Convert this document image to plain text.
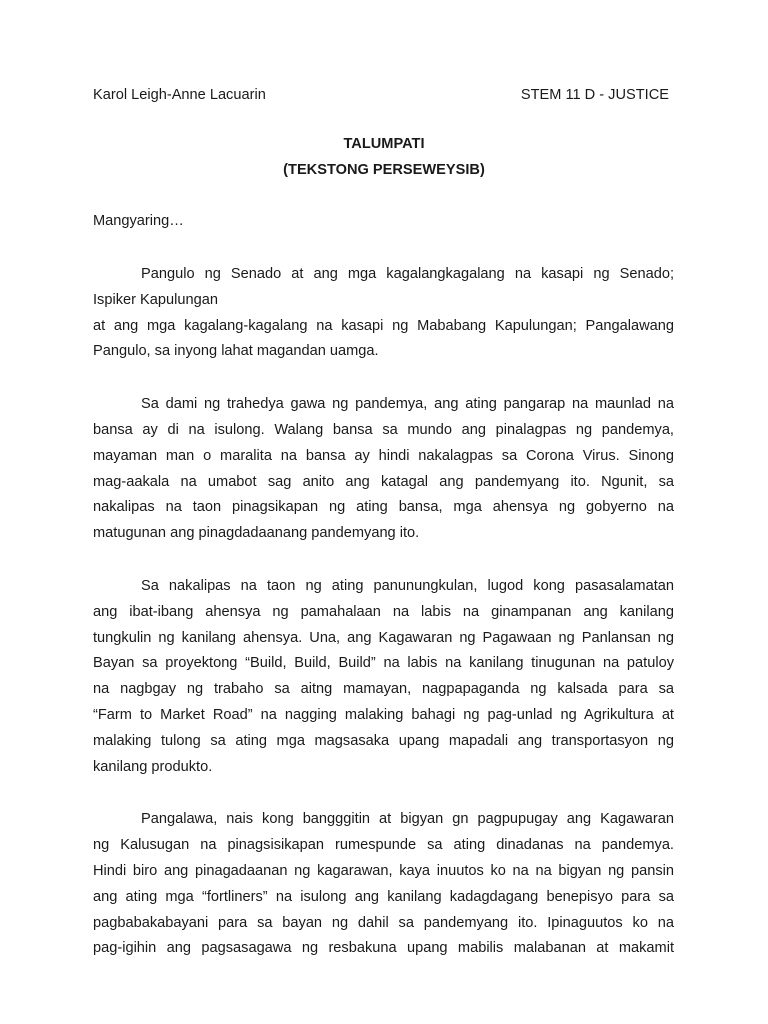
Karol Leigh-Anne Lacuarin	STEM 11 D - JUSTICE
TALUMPATI
(TEKSTONG PERSEWEYSIB)
Mangyaring…

Pangulo ng Senado at ang mga kagalangkagalang na kasapi ng Senado;
Ispiker Kapulungan
at ang mga kagalang-kagalang na kasapi ng Mababang Kapulungan; Pangalawang
Pangulo, sa inyong lahat magandan uamga.

Sa dami ng trahedya gawa ng pandemya, ang ating pangarap na maunlad na
bansa ay di na isulong. Walang bansa sa mundo ang pinalagpas ng pandemya,
mayaman man o maralita na bansa ay hindi nakalagpas sa Corona Virus. Sinong
mag-aakala na umabot sag anito ang katagal ang pandemyang ito. Ngunit, sa
nakalipas na taon pinagsikapan ng ating bansa, mga ahensya ng gobyerno na
matugunan ang pinagdadaanang pandemyang ito.

Sa nakalipas na taon ng ating panunungkulan, lugod kong pasasalamatan
ang ibat-ibang ahensya ng pamahalaan na labis na ginampanan ang kanilang
tungkulin ng kanilang ahensya. Una, ang Kagawaran ng Pagawaan ng Panlansan ng
Bayan sa proyektong “Build, Build, Build” na labis na kanilang tinugunan na patuloy
na nagbgay ng trabaho sa aitng mamayan, nagpapaganda ng kalsada para sa
“Farm to Market Road” na nagging malaking bahagi ng pag-unlad ng Agrikultura at
malaking tulong sa ating mga magsasaka upang mapadali ang transportasyon ng
kanilang produkto.

Pangalawa, nais kong bangggitin at bigyan gn pagpupugay ang Kagawaran
ng Kalusugan na pinagsisikapan rumespunde sa ating dinadanas na pandemya.
Hindi biro ang pinagadaanan ng kagarawan, kaya inuutos ko na na bigyan ng pansin
ang ating mga “fortliners” na isulong ang kanilang kadagdagang benepisyo para sa
pagbabakabayani para sa bayan ng dahil sa pandemyang ito. Ipinaguutos ko na
pag-igihin ang pagsasagawa ng resbakuna upang mabilis malabanan at makamit
